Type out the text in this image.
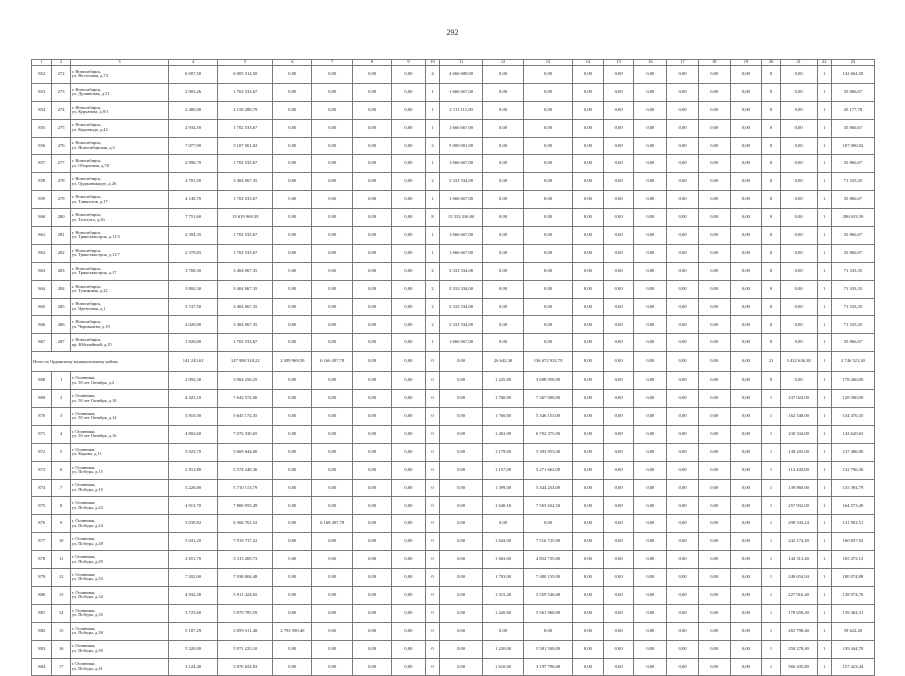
292
1	2	3	4	5	6	7	8	9	10	11	12	13	14	15	16	17	18	19	20	21	22	23
852	272	г. Новосибирск,
ул. Восточная, д.73	6 007,50	6 005 514,50	0,00	0,00	0,00	0,00	4	4 666 688,00	0,00	0,00	0,00	0,00	0,00	0,00	0,00	0,00	0	0,00	1	142 664,50
853	273	г. Новосибирск,
ул. Душинская, д.51	2 903,26	1 702 533,67	0,00	0,00	0,00	0,00	1	1 666 667,00	0,00	0,00	0,00	0,00	0,00	0,00	0,00	0,00	0	0,00	1	35 866,67
854	274	г. Новосибирск,
ул. Курчатова, д.9/1	2 480,00	2 156 288,79	0,00	0,00	0,00	0,00	1	2 111 111,00	0,00	0,00	0,00	0,00	0,00	0,00	0,00	0,00	0	0,00	1	45 177,78
855	275	г. Новосибирск,
ул. Кирзавода, д.42	2 934,50	1 702 533,67	0,00	0,00	0,00	0,00	1	1 666 667,00	0,00	0,00	0,00	0,00	0,00	0,00	0,00	0,00	0	0,00	1	35 866,67
856	276	г. Новосибирск,
ул. Новосибирская, д.3	7 077,90	5 107 001,02	0,00	0,00	0,00	0,00	3	5 000 001,00	0,00	0,00	0,00	0,00	0,00	0,00	0,00	0,00	0	0,00	1	107 000,02
857	277	г. Новосибирск,
ул. Оборонная, д.78	2 996,70	1 702 533,67	0,00	0,00	0,00	0,00	1	1 666 667,00	0,00	0,00	0,00	0,00	0,00	0,00	0,00	0,00	0	0,00	1	35 866,67
858	278	г. Новосибирск,
ул. Орджоникидзе, д.26	4 781,50	3 404 067,35	0,00	0,00	0,00	0,00	2	3 333 334,00	0,00	0,00	0,00	0,00	0,00	0,00	0,00	0,00	0	0,00	1	71 333,35
859	279	г. Новосибирск,
ул. Танкистов, д.17	4 140,70	1 702 533,67	0,00	0,00	0,00	0,00	1	1 666 667,00	0,00	0,00	0,00	0,00	0,00	0,00	0,00	0,00	0	0,00	1	35 866,67
860	280	г. Новосибирск,
ул. Толстого, д.43	7 751,60	15 619 969,39	0,00	0,00	0,00	0,00	8	15 333 336,00	0,00	0,00	0,00	0,00	0,00	0,00	0,00	0,00	0	0,00	1	286 633,39
861	281	г. Новосибирск,
ул. Трикотажстроя, д.11/3	2 394,35	1 702 533,67	0,00	0,00	0,00	0,00	1	1 666 667,00	0,00	0,00	0,00	0,00	0,00	0,00	0,00	0,00	0	0,00	1	35 866,67
862	282	г. Новосибирск,
ул. Трикотажстроя, д.11/7	2 370,65	1 702 533,67	0,00	0,00	0,00	0,00	1	1 666 667,00	0,00	0,00	0,00	0,00	0,00	0,00	0,00	0,00	0	0,00	1	35 866,67
863	283	г. Новосибирск,
ул. Трикотажстроя, д.17	3 768,30	3 404 067,35	0,00	0,00	0,00	0,00	2	3 333 334,00	0,00	0,00	0,00	0,00	0,00	0,00	0,00	0,00	0	0,00	1	71 333,35
864	284	г. Новосибирск,
ул. Тупиковая, д.22	3 802,30	3 404 067,35	0,00	0,00	0,00	0,00	2	3 333 334,00	0,00	0,00	0,00	0,00	0,00	0,00	0,00	0,00	0	0,00	1	71 333,35
865	285	г. Новосибирск,
ул. Цветочная, д.1	3 747,50	3 404 067,35	0,00	0,00	0,00	0,00	2	3 333 334,00	0,00	0,00	0,00	0,00	0,00	0,00	0,00	0,00	0	0,00	1	71 333,35
866	286	г. Новосибирск,
ул. Чернышева, д.19	4 020,90	3 404 067,35	0,00	0,00	0,00	0,00	2	3 333 334,00	0,00	0,00	0,00	0,00	0,00	0,00	0,00	0,00	0	0,00	1	71 333,35
867	287	г. Новосибирск,
пр. Юбилейный, д.25	1 826,00	1 702 533,67	0,00	0,00	0,00	0,00	1	1 666 667,00	0,00	0,00	0,00	0,00	0,00	0,00	0,00	0,00	0	0,00	1	35 866,67
Итого по Ордынскому муниципальному району			141 243,63	147 988 318,22	2 399 969,50	6 166 497,78	0,00	0,00	0	0,00	26 642,30	136 672 932,79	0,00	0,00	0,00	0,00	0,00	0,00	21	3 432 636,38	1	2 746 521,30
868	1	г. Осинники,
ул. 50 лет Октября, д.2	2 092,30	3 904 250,25	0,00	0,00	0,00	0,00	0	0,00	1 225,00	3 698 950,00	0,00	0,00	0,00	0,00	0,00	0,00	0	0,00	1	178 260,00
869	2	г. Осинники,
ул. 50 лет Октября, д.10	4 425,10	7 642 574,00	0,00	0,00	0,00	0,00	0	0,00	1 760,00	7 367 000,00	0,00	0,00	0,00	0,00	0,00	0,00	1	237 024,00	1	128 580,00
870	3	г. Осинники,
ул. 50 лет Октября, д.14	3 810,30	5 645 174,35	0,00	0,00	0,00	0,00	0	0,00	1 760,00	5 346 153,00	0,00	0,00	0,00	0,00	0,00	0,00	1	162 548,00	1	134 476,35
871	4	г. Осинники,
ул. 50 лет Октября, д.16	4 802,60	7 076 330,65	0,00	0,00	0,00	0,00	0	0,00	1 463,00	6 702 375,00	0,00	0,00	0,00	0,00	0,00	0,00	1	230 334,00	1	143 620,65
872	5	г. Осинники,
ул. Кирова, д.11	3 923,70	5 669 644,00	0,00	0,00	0,00	0,00	0	0,00	1 179,00	5 393 953,00	0,00	0,00	0,00	0,00	0,00	0,00	1	138 205,00	1	137 486,00
873	6	г. Осинники,
ул. Победы, д.15	2 811,80	5 574 248,36	0,00	0,00	0,00	0,00	0	0,00	1 157,00	5 271 662,00	0,00	0,00	0,00	0,00	0,00	0,00	1	114 440,00	1	132 796,36
874	7	г. Осинники,
ул. Победы, д.19	3 226,80	5 710 113,79	0,00	0,00	0,00	0,00	0	0,00	1 399,00	5 444 254,00	0,00	0,00	0,00	0,00	0,00	0,00	1	139 860,00	1	135 394,79
875	8	г. Осинники,
ул. Победы, д.23	4 913,70	7 806 955,49	0,00	0,00	0,00	0,00	0	0,00	1 640,16	7 563 632,50	0,00	0,00	0,00	0,00	0,00	0,00	1	257 932,00	1	164 573,49
876	9	г. Осинники,
ул. Победы, д.24	3 039,82	6 368 761,52	0,00	6 168 497,78	0,00	0,00	0	0,00	0,00	0,00	0,00	0,00	0,00	0,00	0,00	0,00	1	298 543,24	1	131 902,51
877	10	г. Осинники,
ул. Победы, д.28	5 041,20	7 919 737,22	0,00	0,00	0,00	0,00	0	0,00	1 643,00	7 516 725,00	0,00	0,00	0,00	0,00	0,00	0,00	1	242 174,40	1	160 837,92
878	11	г. Осинники,
ул. Победы, д.29	2 651,70	5 315 269,73	0,00	0,00	0,00	0,00	0	0,00	1 663,00	4 854 735,00	0,00	0,00	0,00	0,00	0,00	0,00	1	144 313,40	1	165 473,12
879	12	г. Осинники,
ул. Победы, д.33	7 202,00	7 938 804,48	0,00	0,00	0,00	0,00	0	0,00	1 703,00	7 480 155,00	0,00	0,00	0,00	0,00	0,00	0,00	1	248 654,94	1	180 074,88
880	13	г. Осинники,
ул. Победы, д.34	4 832,30	5 911 424,65	0,00	0,00	0,00	0,00	0	0,00	1 315,20	5 559 546,00	0,00	0,00	0,00	0,00	0,00	0,00	1	227 916,40	1	138 974,76
881	14	г. Осинники,
ул. Победы, д.35	3 725,60	5 879 785,59	0,00	0,00	0,00	0,00	0	0,00	1 420,00	5 561 960,00	0,00	0,00	0,00	0,00	0,00	0,00	1	178 658,40	1	139 404,31
882	15	г. Осинники,
ул. Победы, д.38	5 187,29	3 059 311,48	2 793 590,40	0,00	0,00	0,00	0	0,00	0,00	0,00	0,00	0,00	0,00	0,00	0,00	0,00	1	265 798,40	1	59 622,28
883	16	г. Осинники,
ул. Победы, д.39	5 320,00	5 971 225,10	0,00	0,00	0,00	0,00	0	0,00	1 220,00	5 581 500,00	0,00	0,00	0,00	0,00	0,00	0,00	1	250 278,40	1	139 444,70
884	17	г. Осинники,
ул. Победы, д.41	3 124,40	3 876 654,83	0,00	0,00	0,00	0,00	0	0,00	1 610,00	3 197 796,00	0,00	0,00	0,00	0,00	0,00	0,00	1	566 435,80	1	157 423,44
